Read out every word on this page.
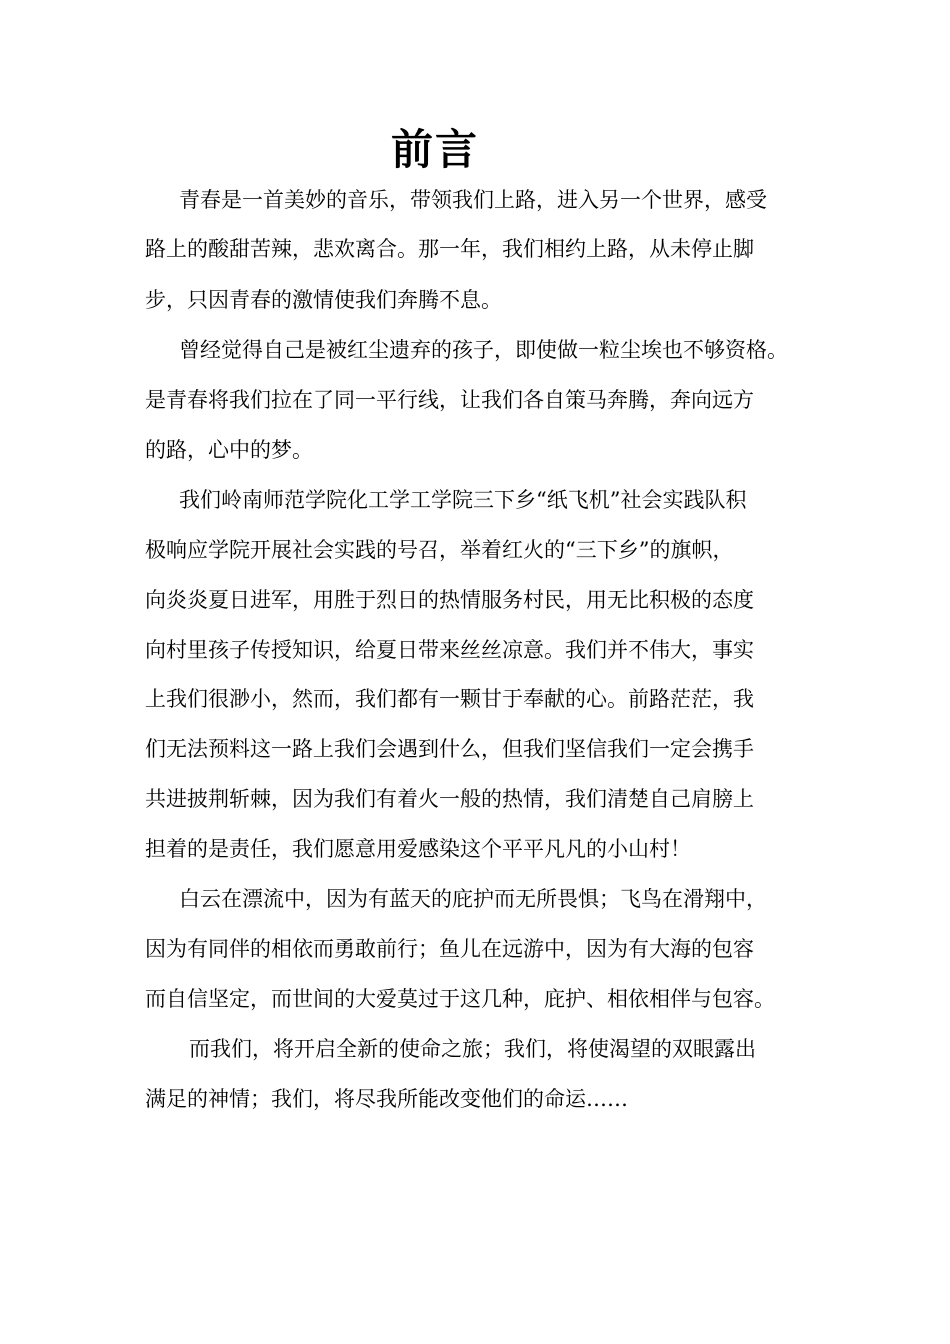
前言

青春是一首美妙的音乐，带领我们上路，进入另一个世界，感受

路上的酸甜苦辣，悲欢离合。那一年，我们相约上路，从未停止脚

步，只因青春的激情使我们奔腾不息。

曾经觉得自己是被红尘遗弃的孩子，即使做一粒尘埃也不够资格。

是青春将我们拉在了同一平行线，让我们各自策马奔腾，奔向远方

的路，心中的梦。

我们岭南师范学院化工学工学院三下乡“纸飞机”社会实践队积

极响应学院开展社会实践的号召，举着红火的“三下乡”的旗帜，

向炎炎夏日进军，用胜于烈日的热情服务村民，用无比积极的态度

向村里孩子传授知识，给夏日带来丝丝凉意。我们并不伟大，事实

上我们很渺小，然而，我们都有一颗甘于奉献的心。前路茫茫，我

们无法预料这一路上我们会遇到什么，但我们坚信我们一定会携手

共进披荆斩棘，因为我们有着火一般的热情，我们清楚自己肩膀上

担着的是责任，我们愿意用爱感染这个平平凡凡的小山村！

白云在漂流中，因为有蓝天的庇护而无所畏惧；飞鸟在滑翔中，

因为有同伴的相依而勇敢前行；鱼儿在远游中，因为有大海的包容

而自信坚定，而世间的大爱莫过于这几种，庇护、相依相伴与包容。

而我们，将开启全新的使命之旅；我们，将使渴望的双眼露出

满足的神情；我们，将尽我所能改变他们的命运……
